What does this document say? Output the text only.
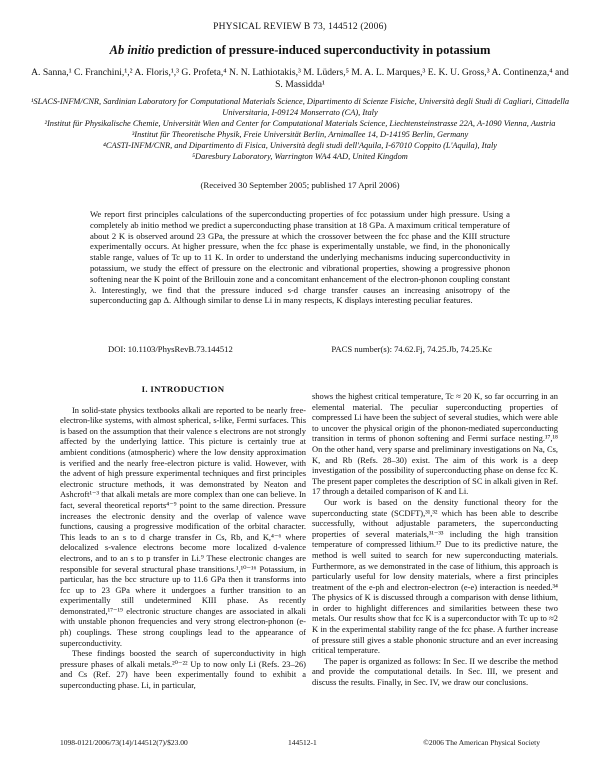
PHYSICAL REVIEW B 73, 144512 (2006)
Ab initio prediction of pressure-induced superconductivity in potassium
A. Sanna,¹ C. Franchini,¹,² A. Floris,¹,³ G. Profeta,⁴ N. N. Lathiotakis,³ M. Lüders,⁵ M. A. L. Marques,³ E. K. U. Gross,³ A. Continenza,⁴ and S. Massidda¹

¹SLACS-INFM/CNR, Sardinian Laboratory for Computational Materials Science, Dipartimento di Scienze Fisiche, Università degli Studi di Cagliari, Cittadella Universitaria, I-09124 Monserrato (CA), Italy

²Institut für Physikalische Chemie, Universität Wien and Center for Computational Materials Science, Liechtensteinstrasse 22A, A-1090 Vienna, Austria

³Institut für Theoretische Physik, Freie Universität Berlin, Arnimallee 14, D-14195 Berlin, Germany

⁴CASTI-INFM/CNR, and Dipartimento di Fisica, Università degli studi dell'Aquila, I-67010 Coppito (L'Aquila), Italy

⁵Daresbury Laboratory, Warrington WA4 4AD, United Kingdom

(Received 30 September 2005; published 17 April 2006)
We report first principles calculations of the superconducting properties of fcc potassium under high pressure. Using a completely ab initio method we predict a superconducting phase transition at 18 GPa. A maximum critical temperature of about 2 K is observed around 23 GPa, the pressure at which the crossover between the fcc phase and the KIII structure experimentally occurs. At higher pressure, when the fcc phase is experimentally unstable, we find, in the phononically stable range, values of Tc up to 11 K. In order to understand the underlying mechanisms inducing superconductivity in potassium, we study the effect of pressure on the electronic and vibrational properties, showing a progressive phonon softening near the K point of the Brillouin zone and a concomitant enhancement of the electron-phonon coupling constant λ. Interestingly, we find that the pressure induced s-d charge transfer causes an increasing anisotropy of the superconducting gap Δ. Although similar to dense Li in many respects, K displays interesting peculiar features.
DOI: 10.1103/PhysRevB.73.144512	PACS number(s): 74.62.Fj, 74.25.Jb, 74.25.Kc
I. INTRODUCTION

In solid-state physics textbooks alkali are reported to be nearly free-electron-like systems, with almost spherical, s-like, Fermi surfaces. This is based on the assumption that their valence s electrons are not strongly affected by the underlying lattice. This picture is certainly true at ambient conditions (atmospheric) where the low density approximation is verified and the nearly free-electron picture is valid. However, with the advent of high pressure experimental techniques and first principles electronic structure methods, it was demonstrated by Neaton and Ashcroft¹⁻³ that alkali metals are more complex than one can believe. In fact, several theoretical reports⁴⁻⁹ point to the same direction. Pressure increases the electronic density and the overlap of valence wave functions, causing a progressive modification of the orbital character. This leads to an s to d charge transfer in Cs, Rb, and K,⁴⁻⁶ where delocalized s-valence electrons become more localized d-valence electrons, and to an s to p transfer in Li.⁹ These electronic changes are responsible for several structural phase transitions.¹,¹⁰⁻¹⁶ Potassium, in particular, has the bcc structure up to 11.6 GPa then it transforms into fcc up to 23 GPa where it undergoes a further transition to an experimentally still undetermined KIII phase. As recently demonstrated,¹⁷⁻¹⁹ electronic structure changes are associated in alkali with unstable phonon frequencies and very strong electron-phonon (e-ph) couplings. These strong couplings lead to the appearance of superconductivity.

These findings boosted the search of superconductivity in high pressure phases of alkali metals.²⁰⁻²² Up to now only Li (Refs. 23–26) and Cs (Ref. 27) have been experimentally found to exhibit a superconducting phase. Li, in particular,

shows the highest critical temperature, Tc ≈ 20 K, so far occurring in an elemental material. The peculiar superconducting properties of compressed Li have been the subject of several studies, which were able to uncover the physical origin of the phonon-mediated superconducting transition in terms of phonon softening and Fermi surface nesting.¹⁷,¹⁸ On the other hand, very sparse and preliminary investigations on Na, Cs, K, and Rb (Refs. 28–30) exist. The aim of this work is a deep investigation of the possibility of superconducting phase on dense fcc K. The present paper completes the description of SC in alkali given in Ref. 17 through a detailed comparison of K and Li.

Our work is based on the density functional theory for the superconducting state (SCDFT),³¹,³² which has been able to describe successfully, without adjustable parameters, the superconducting properties of several materials,³¹⁻³³ including the high transition temperature of compressed lithium.¹⁷ Due to its predictive nature, the method is well suited to search for new superconducting materials. Furthermore, as we demonstrated in the case of lithium, this approach is particularly useful for low density materials, where a first principles treatment of the e-ph and electron-electron (e-e) interaction is needed.³⁴ The physics of K is discussed through a comparison with dense lithium, in order to highlight differences and similarities between these two metals. Our results show that fcc K is a superconductor with Tc up to ≈2 K in the experimental stability range of the fcc phase. A further increase of pressure still gives a stable phononic structure and an ever increasing critical temperature.

The paper is organized as follows: In Sec. II we describe the method and provide the computational details. In Sec. III, we present and discuss the results. Finally, in Sec. IV, we draw our conclusions.

1098-0121/2006/73(14)/144512(7)/$23.00	144512-1	©2006 The American Physical Society
